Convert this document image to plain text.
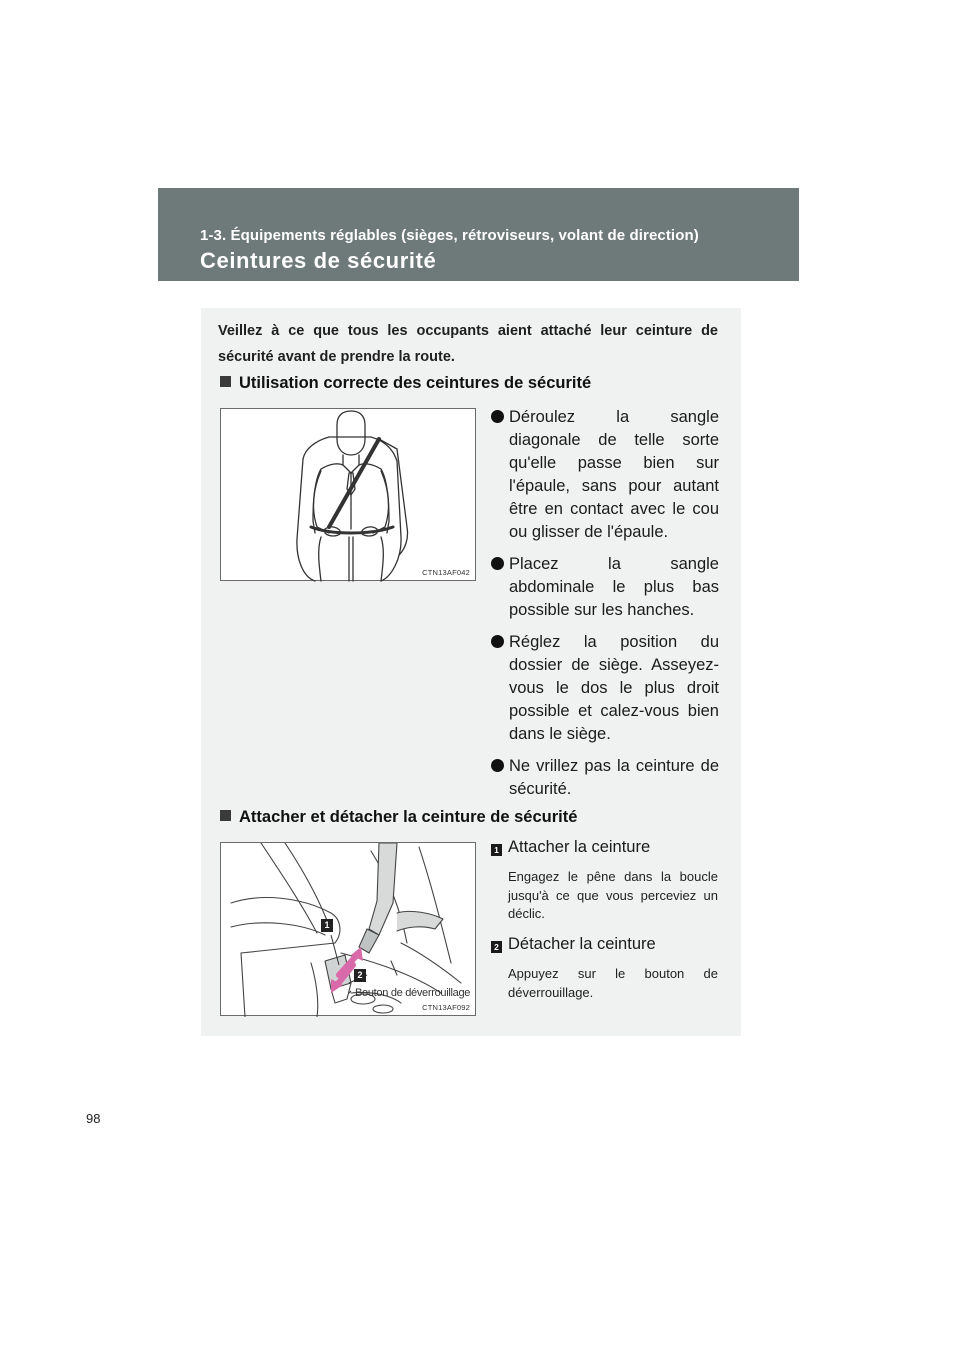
1-3. Équipements réglables (sièges, rétroviseurs, volant de direction)
Ceintures de sécurité
Veillez à ce que tous les occupants aient attaché leur ceinture de sécurité avant de prendre la route.
Utilisation correcte des ceintures de sécurité
CTN13AF042
Déroulez la sangle diagonale de telle sorte qu'elle passe bien sur l'épaule, sans pour autant être en contact avec le cou ou glisser de l'épaule.
Placez la sangle abdominale le plus bas possible sur les hanches.
Réglez la position du dossier de siège. Asseyez-vous le dos le plus droit possible et calez-vous bien dans le siège.
Ne vrillez pas la ceinture de sécurité.
Attacher et détacher la ceinture de sécurité
1
2
Bouton de déverrouillage
CTN13AF092
1 Attacher la ceinture
Engagez le pêne dans la boucle jusqu'à ce que vous perceviez un déclic.
2 Détacher la ceinture
Appuyez sur le bouton de déverrouillage.
98
